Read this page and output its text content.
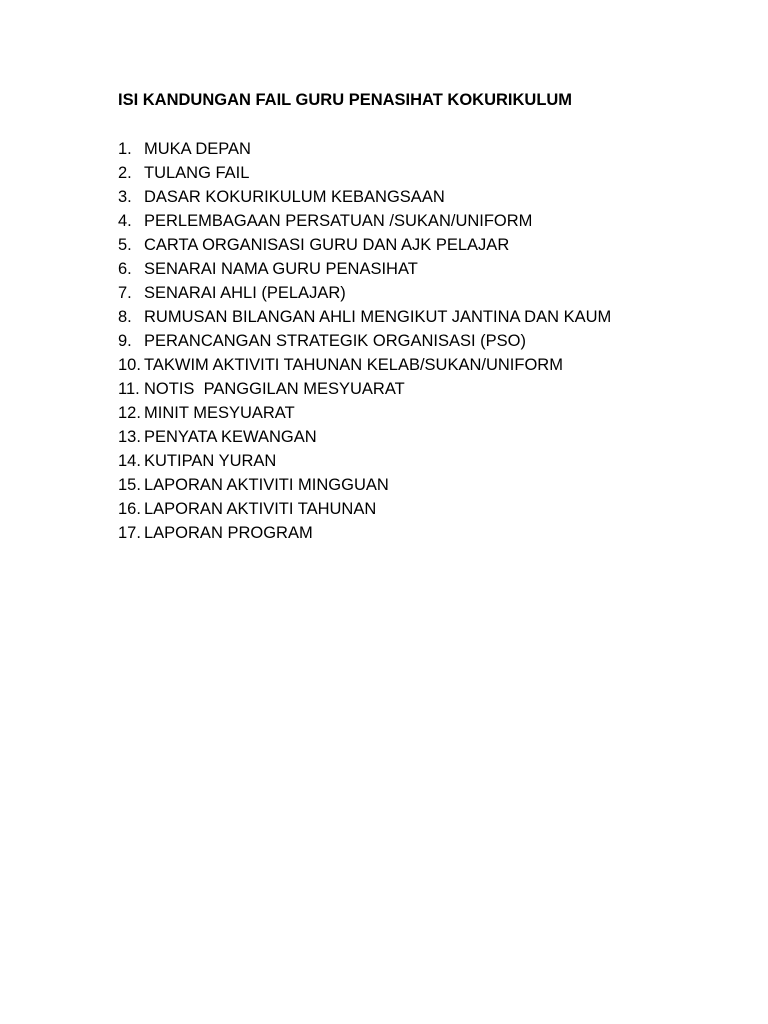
ISI KANDUNGAN FAIL GURU PENASIHAT KOKURIKULUM
1. MUKA DEPAN
2. TULANG FAIL
3. DASAR KOKURIKULUM KEBANGSAAN
4. PERLEMBAGAAN PERSATUAN /SUKAN/UNIFORM
5. CARTA ORGANISASI GURU DAN AJK PELAJAR
6. SENARAI NAMA GURU PENASIHAT
7. SENARAI AHLI (PELAJAR)
8. RUMUSAN BILANGAN AHLI MENGIKUT JANTINA DAN KAUM
9. PERANCANGAN STRATEGIK ORGANISASI (PSO)
10. TAKWIM AKTIVITI TAHUNAN KELAB/SUKAN/UNIFORM
11. NOTIS  PANGGILAN MESYUARAT
12. MINIT MESYUARAT
13. PENYATA KEWANGAN
14. KUTIPAN YURAN
15. LAPORAN AKTIVITI MINGGUAN
16. LAPORAN AKTIVITI TAHUNAN
17. LAPORAN PROGRAM
